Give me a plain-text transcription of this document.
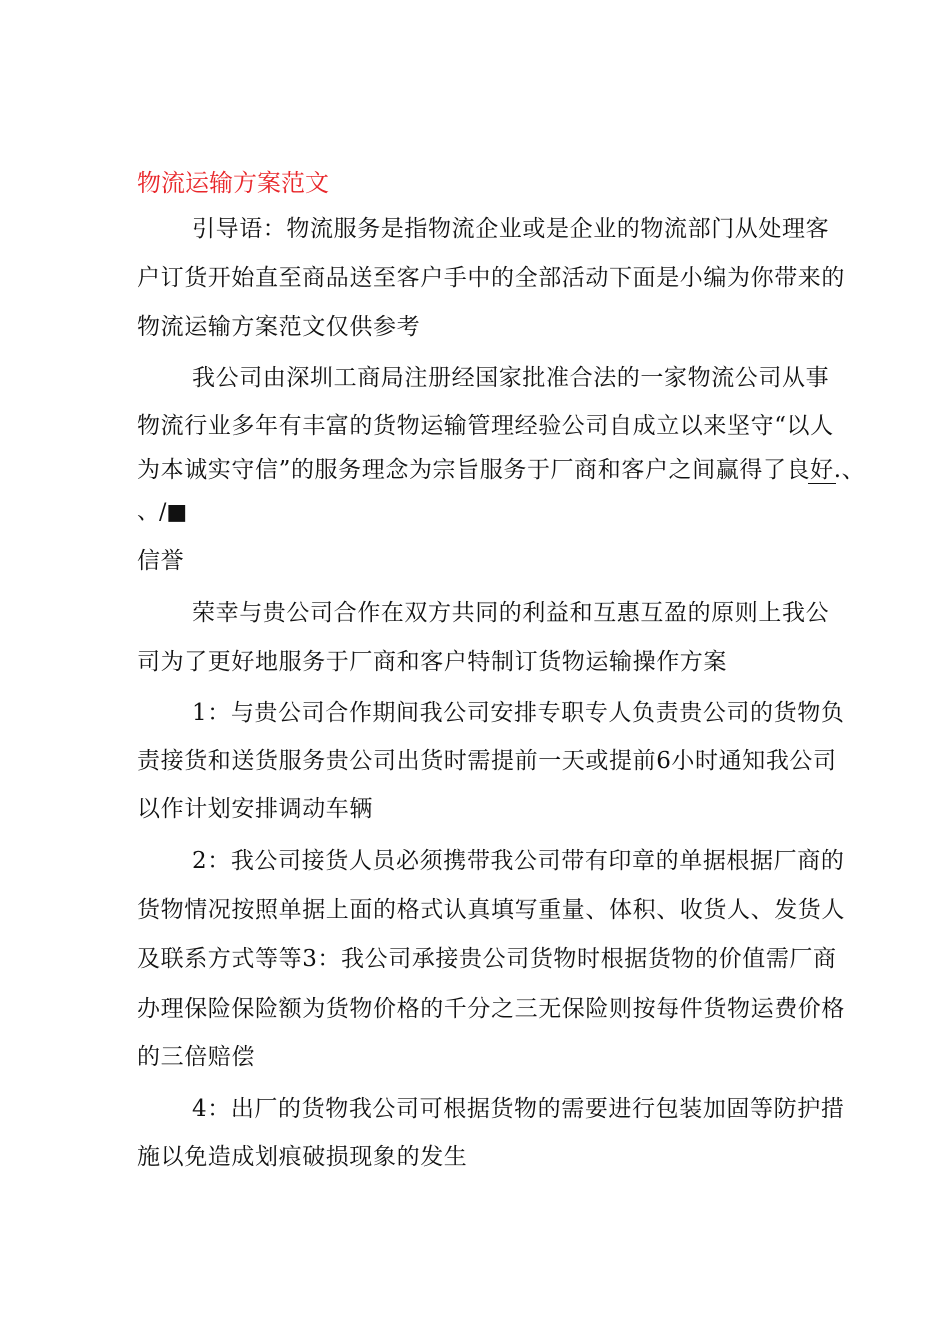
物流运输方案范文
引导语：物流服务是指物流企业或是企业的物流部门从处理客
户订货开始直至商品送至客户手中的全部活动下面是小编为你带来的
物流运输方案范文仅供参考
我公司由深圳工商局注册经国家批准合法的一家物流公司从事
物流行业多年有丰富的货物运输管理经验公司自成立以来坚守“以人
为本诚实守信”的服务理念为宗旨服务于厂商和客户之间赢得了良好.、
、/■
信誉
荣幸与贵公司合作在双方共同的利益和互惠互盈的原则上我公
司为了更好地服务于厂商和客户特制订货物运输操作方案
1：与贵公司合作期间我公司安排专职专人负责贵公司的货物负
责接货和送货服务贵公司出货时需提前一天或提前6小时通知我公司
以作计划安排调动车辆
2：我公司接货人员必须携带我公司带有印章的单据根据厂商的
货物情况按照单据上面的格式认真填写重量、体积、收货人、发货人
及联系方式等等3：我公司承接贵公司货物时根据货物的价值需厂商
办理保险保险额为货物价格的千分之三无保险则按每件货物运费价格
的三倍赔偿
4：出厂的货物我公司可根据货物的需要进行包装加固等防护措
施以免造成划痕破损现象的发生
